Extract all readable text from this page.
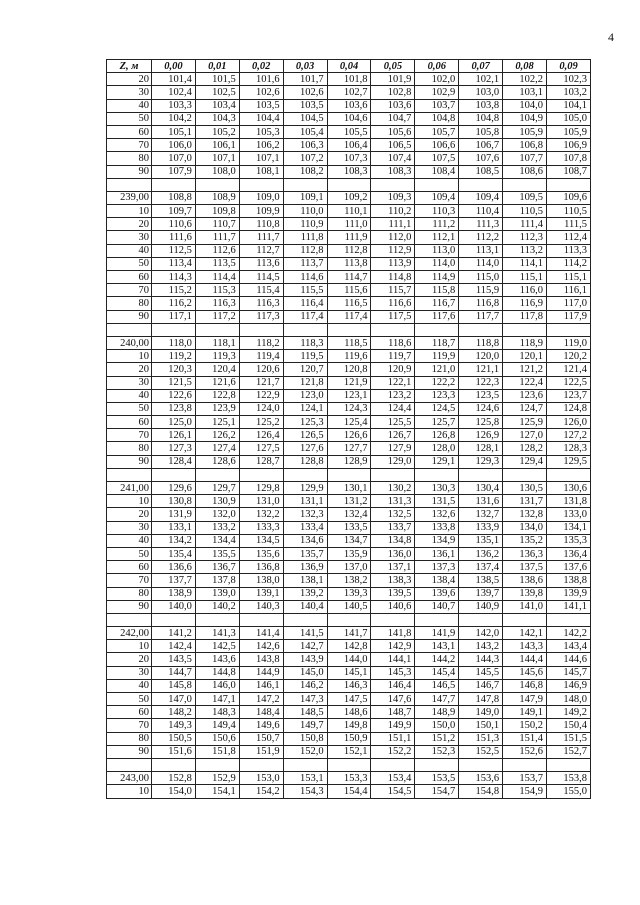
4
Z, м	0,00	0,01	0,02	0,03	0,04	0,05	0,06	0,07	0,08	0,09
20	101,4	101,5	101,6	101,7	101,8	101,9	102,0	102,1	102,2	102,3
30	102,4	102,5	102,6	102,6	102,7	102,8	102,9	103,0	103,1	103,2
40	103,3	103,4	103,5	103,5	103,6	103,6	103,7	103,8	104,0	104,1
50	104,2	104,3	104,4	104,5	104,6	104,7	104,8	104,8	104,9	105,0
60	105,1	105,2	105,3	105,4	105,5	105,6	105,7	105,8	105,9	105,9
70	106,0	106,1	106,2	106,3	106,4	106,5	106,6	106,7	106,8	106,9
80	107,0	107,1	107,1	107,2	107,3	107,4	107,5	107,6	107,7	107,8
90	107,9	108,0	108,1	108,2	108,3	108,3	108,4	108,5	108,6	108,7

239,00	108,8	108,9	109,0	109,1	109,2	109,3	109,4	109,4	109,5	109,6
10	109,7	109,8	109,9	110,0	110,1	110,2	110,3	110,4	110,5	110,5
20	110,6	110,7	110,8	110,9	111,0	111,1	111,2	111,3	111,4	111,5
30	111,6	111,7	111,7	111,8	111,9	112,0	112,1	112,2	112,3	112,4
40	112,5	112,6	112,7	112,8	112,8	112,9	113,0	113,1	113,2	113,3
50	113,4	113,5	113,6	113,7	113,8	113,9	114,0	114,0	114,1	114,2
60	114,3	114,4	114,5	114,6	114,7	114,8	114,9	115,0	115,1	115,1
70	115,2	115,3	115,4	115,5	115,6	115,7	115,8	115,9	116,0	116,1
80	116,2	116,3	116,3	116,4	116,5	116,6	116,7	116,8	116,9	117,0
90	117,1	117,2	117,3	117,4	117,4	117,5	117,6	117,7	117,8	117,9

240,00	118,0	118,1	118,2	118,3	118,5	118,6	118,7	118,8	118,9	119,0
10	119,2	119,3	119,4	119,5	119,6	119,7	119,9	120,0	120,1	120,2
20	120,3	120,4	120,6	120,7	120,8	120,9	121,0	121,1	121,2	121,4
30	121,5	121,6	121,7	121,8	121,9	122,1	122,2	122,3	122,4	122,5
40	122,6	122,8	122,9	123,0	123,1	123,2	123,3	123,5	123,6	123,7
50	123,8	123,9	124,0	124,1	124,3	124,4	124,5	124,6	124,7	124,8
60	125,0	125,1	125,2	125,3	125,4	125,5	125,7	125,8	125,9	126,0
70	126,1	126,2	126,4	126,5	126,6	126,7	126,8	126,9	127,0	127,2
80	127,3	127,4	127,5	127,6	127,7	127,9	128,0	128,1	128,2	128,3
90	128,4	128,6	128,7	128,8	128,9	129,0	129,1	129,3	129,4	129,5

241,00	129,6	129,7	129,8	129,9	130,1	130,2	130,3	130,4	130,5	130,6
10	130,8	130,9	131,0	131,1	131,2	131,3	131,5	131,6	131,7	131,8
20	131,9	132,0	132,2	132,3	132,4	132,5	132,6	132,7	132,8	133,0
30	133,1	133,2	133,3	133,4	133,5	133,7	133,8	133,9	134,0	134,1
40	134,2	134,4	134,5	134,6	134,7	134,8	134,9	135,1	135,2	135,3
50	135,4	135,5	135,6	135,7	135,9	136,0	136,1	136,2	136,3	136,4
60	136,6	136,7	136,8	136,9	137,0	137,1	137,3	137,4	137,5	137,6
70	137,7	137,8	138,0	138,1	138,2	138,3	138,4	138,5	138,6	138,8
80	138,9	139,0	139,1	139,2	139,3	139,5	139,6	139,7	139,8	139,9
90	140,0	140,2	140,3	140,4	140,5	140,6	140,7	140,9	141,0	141,1

242,00	141,2	141,3	141,4	141,5	141,7	141,8	141,9	142,0	142,1	142,2
10	142,4	142,5	142,6	142,7	142,8	142,9	143,1	143,2	143,3	143,4
20	143,5	143,6	143,8	143,9	144,0	144,1	144,2	144,3	144,4	144,6
30	144,7	144,8	144,9	145,0	145,1	145,3	145,4	145,5	145,6	145,7
40	145,8	146,0	146,1	146,2	146,3	146,4	146,5	146,7	146,8	146,9
50	147,0	147,1	147,2	147,3	147,5	147,6	147,7	147,8	147,9	148,0
60	148,2	148,3	148,4	148,5	148,6	148,7	148,9	149,0	149,1	149,2
70	149,3	149,4	149,6	149,7	149,8	149,9	150,0	150,1	150,2	150,4
80	150,5	150,6	150,7	150,8	150,9	151,1	151,2	151,3	151,4	151,5
90	151,6	151,8	151,9	152,0	152,1	152,2	152,3	152,5	152,6	152,7

243,00	152,8	152,9	153,0	153,1	153,3	153,4	153,5	153,6	153,7	153,8
10	154,0	154,1	154,2	154,3	154,4	154,5	154,7	154,8	154,9	155,0
